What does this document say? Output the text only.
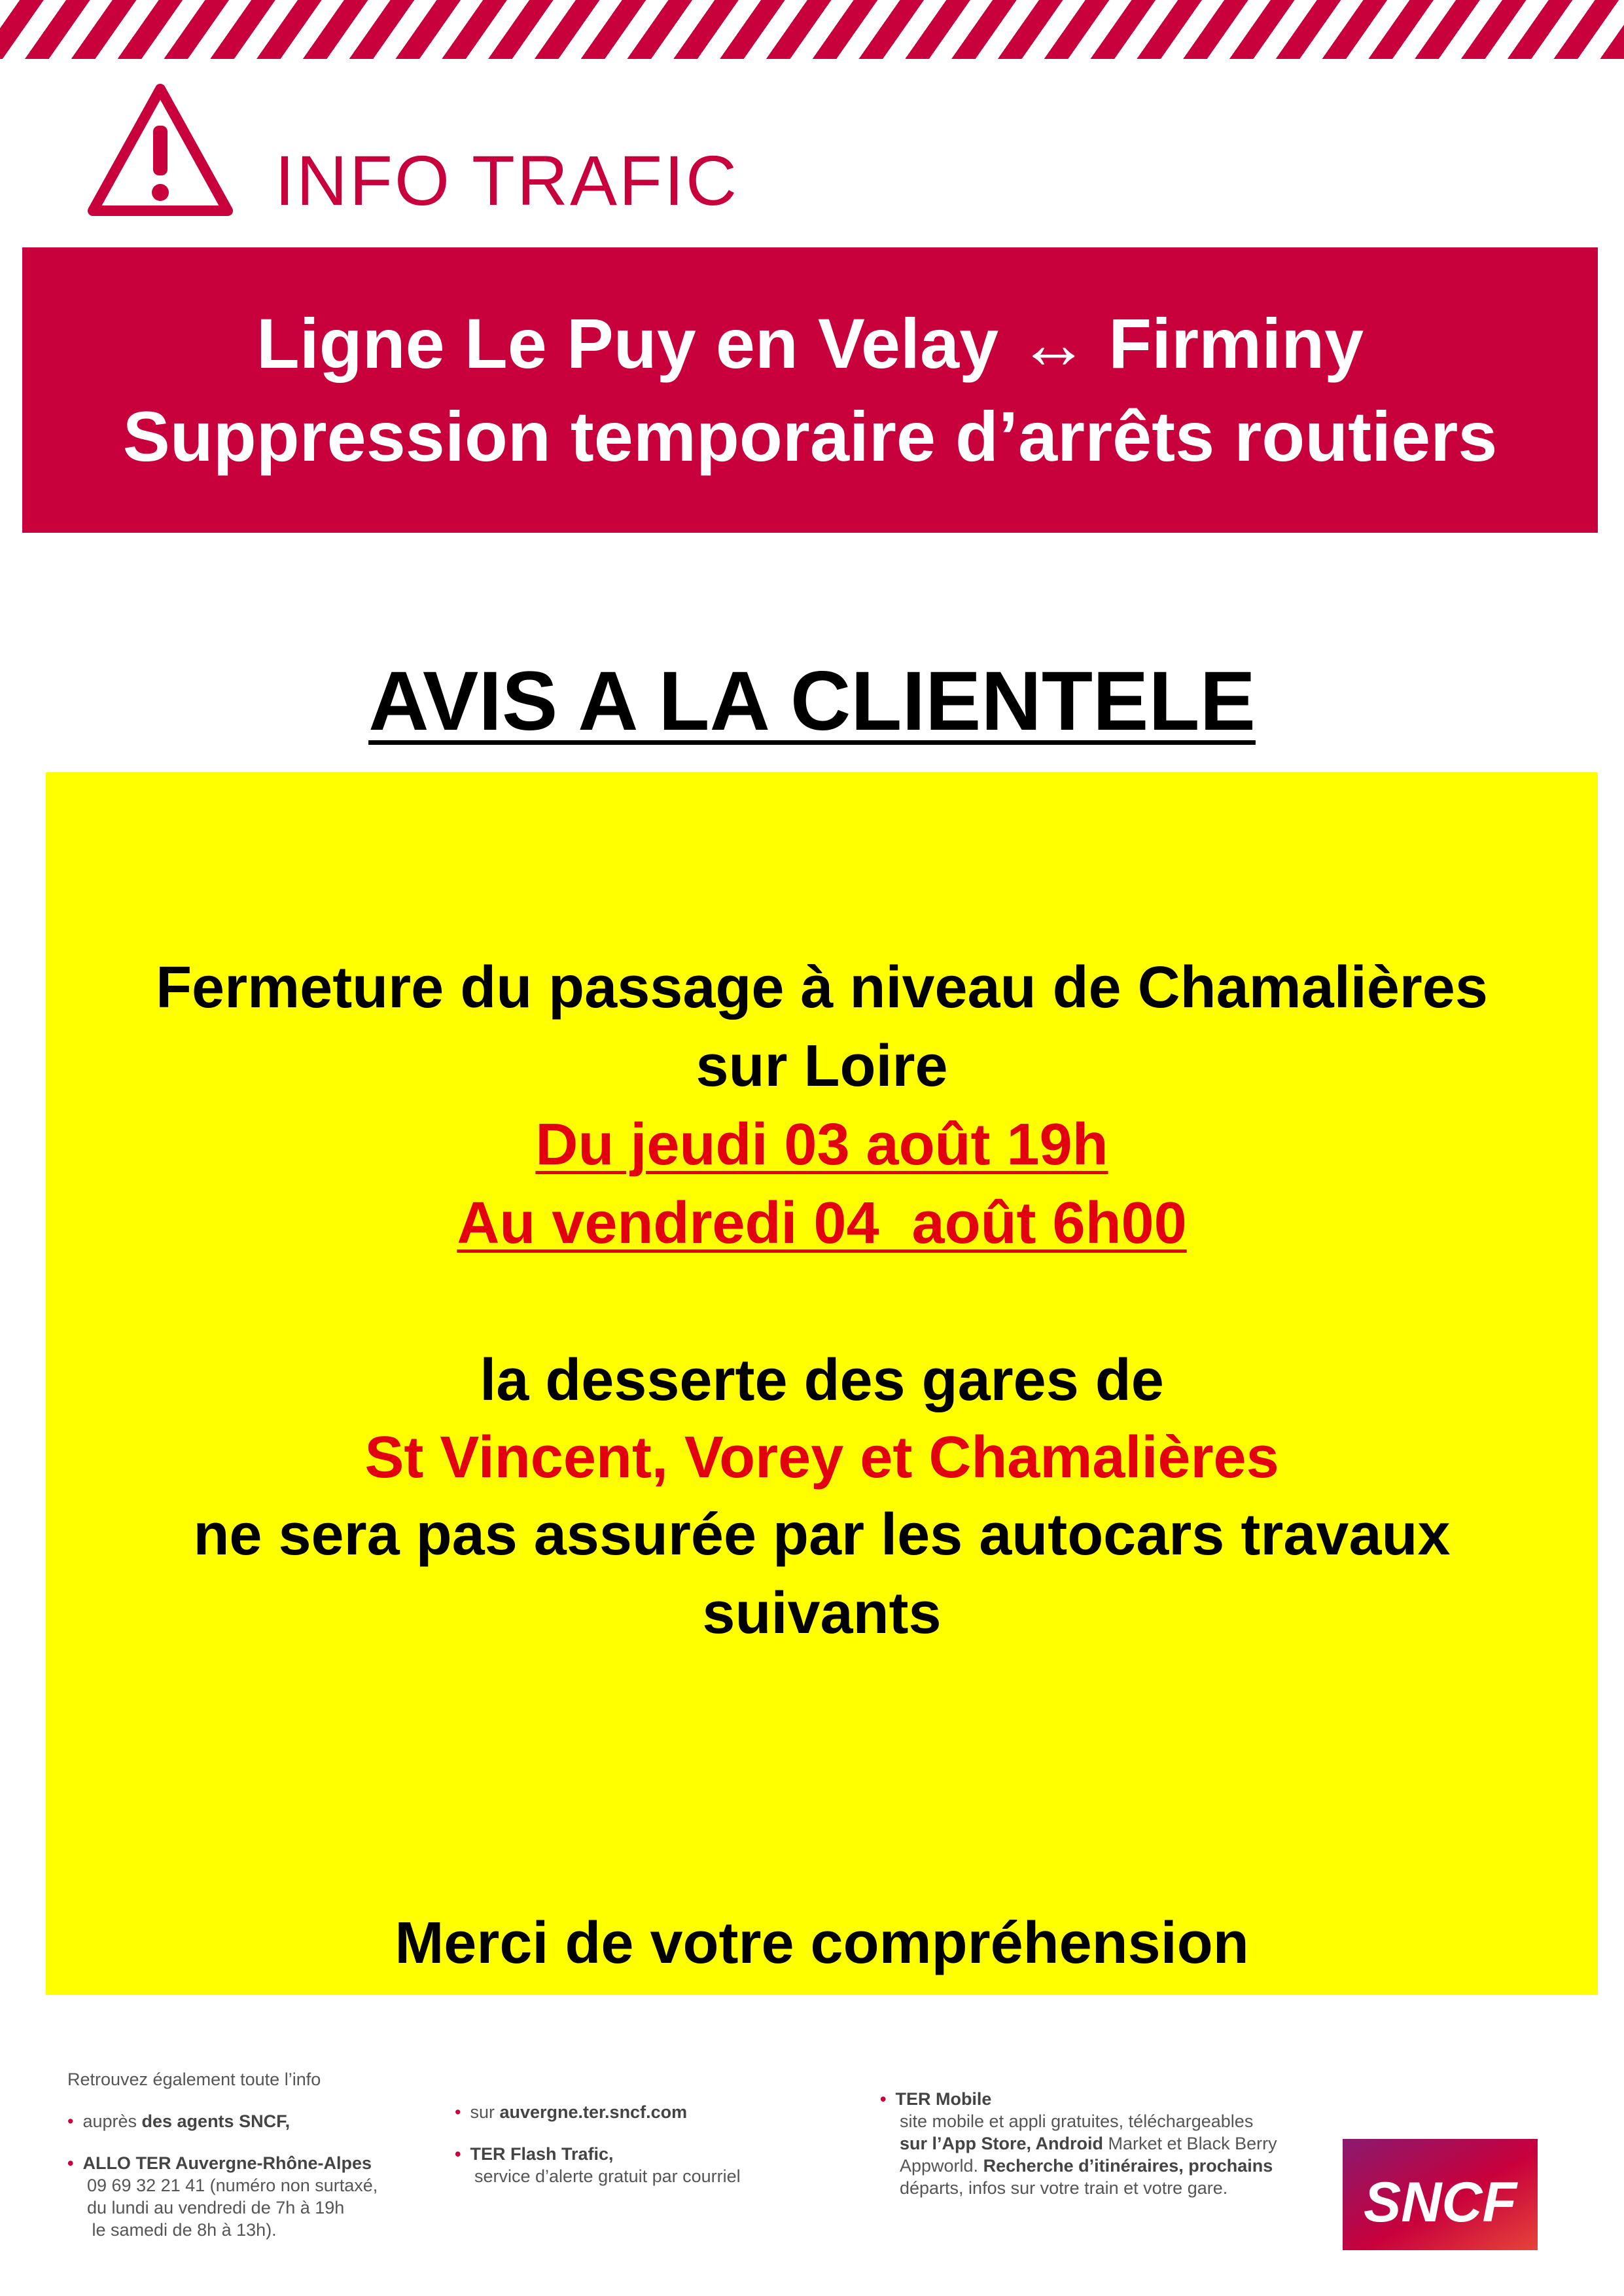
INFO TRAFIC
Ligne Le Puy en Velay ↔ Firminy
Suppression temporaire d’arrêts routiers
AVIS A LA CLIENTELE
Fermeture du passage à niveau de Chamalières
sur Loire
Du jeudi 03 août 19h
Au vendredi 04  août 6h00
la desserte des gares de
St Vincent, Vorey et Chamalières
ne sera pas assurée par les autocars travaux
suivants
Merci de votre compréhension
Retrouvez également toute l’info
• auprès des agents SNCF,
• ALLO TER Auvergne-Rhône-Alpes
09 69 32 21 41 (numéro non surtaxé,
du lundi au vendredi de 7h à 19h
le samedi de 8h à 13h).
• sur auvergne.ter.sncf.com
• TER Flash Trafic,
service d’alerte gratuit par courriel
• TER Mobile
site mobile et appli gratuites, téléchargeables
sur l’App Store, Android Market et Black Berry
Appworld. Recherche d’itinéraires, prochains
départs, infos sur votre train et votre gare.	SNCF
